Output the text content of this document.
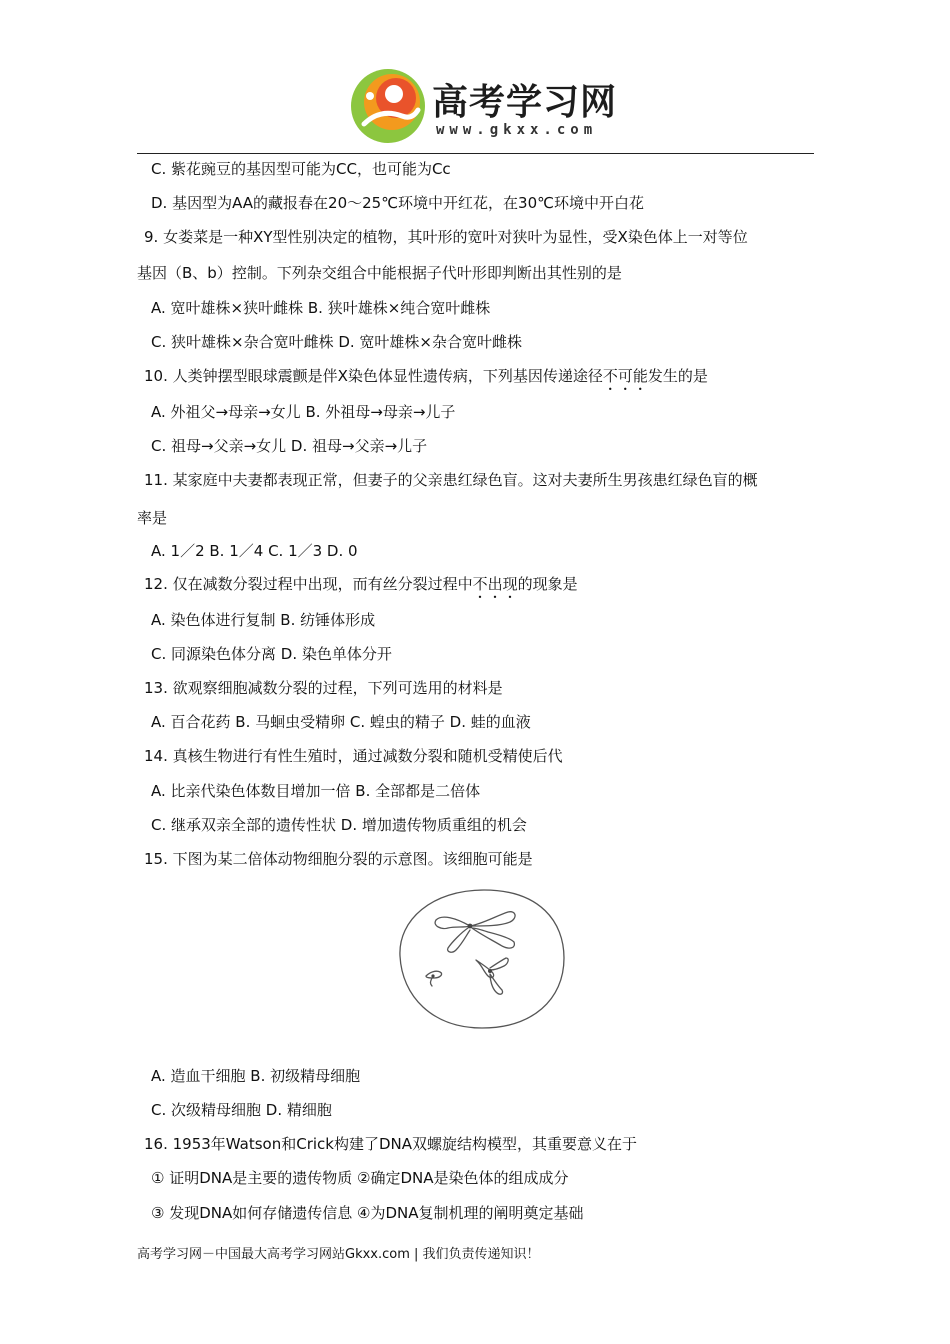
高考学习网
www.gkxx.com
C. 紫花豌豆的基因型可能为CC，也可能为Cc
D. 基因型为AA的藏报春在20～25℃环境中开红花，在30℃环境中开白花
9. 女娄菜是一种XY型性别决定的植物，其叶形的宽叶对狭叶为显性，受X染色体上一对等位
基因（B、b）控制。下列杂交组合中能根据子代叶形即判断出其性别的是
A. 宽叶雄株×狭叶雌株 B. 狭叶雄株×纯合宽叶雌株
C. 狭叶雄株×杂合宽叶雌株 D. 宽叶雄株×杂合宽叶雌株
10. 人类钟摆型眼球震颤是伴X染色体显性遗传病，下列基因传递途径不可能发生的是
A. 外祖父→母亲→女儿 B. 外祖母→母亲→儿子
C. 祖母→父亲→女儿 D. 祖母→父亲→儿子
11. 某家庭中夫妻都表现正常，但妻子的父亲患红绿色盲。这对夫妻所生男孩患红绿色盲的概
率是
A. 1／2 B. 1／4 C. 1／3 D. 0
12. 仅在减数分裂过程中出现，而有丝分裂过程中不出现的现象是
A. 染色体进行复制 B. 纺锤体形成
C. 同源染色体分离 D. 染色单体分开
13. 欲观察细胞减数分裂的过程，下列可选用的材料是
A. 百合花药 B. 马蛔虫受精卵 C. 蝗虫的精子 D. 蛙的血液
14. 真核生物进行有性生殖时，通过减数分裂和随机受精使后代
A. 比亲代染色体数目增加一倍 B. 全部都是二倍体
C. 继承双亲全部的遗传性状 D. 增加遗传物质重组的机会
15. 下图为某二倍体动物细胞分裂的示意图。该细胞可能是
A. 造血干细胞 B. 初级精母细胞
C. 次级精母细胞 D. 精细胞
16. 1953年Watson和Crick构建了DNA双螺旋结构模型，其重要意义在于
① 证明DNA是主要的遗传物质 ②确定DNA是染色体的组成成分
③ 发现DNA如何存储遗传信息 ④为DNA复制机理的阐明奠定基础
高考学习网－中国最大高考学习网站Gkxx.com | 我们负责传递知识！
